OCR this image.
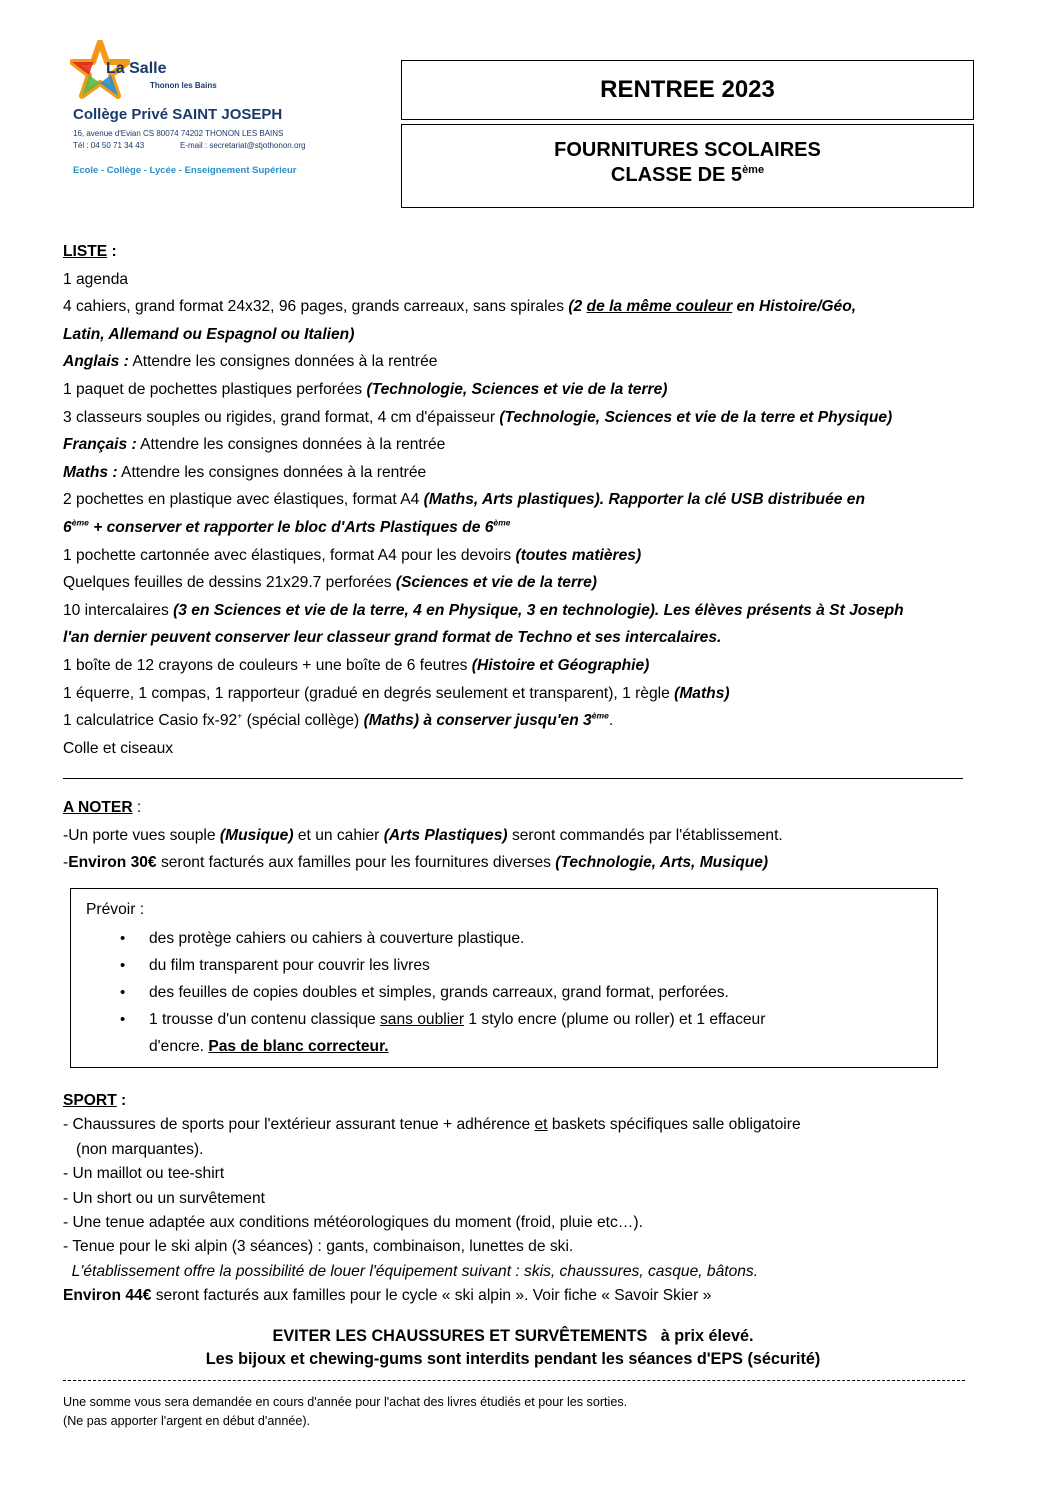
La Salle
Thonon les Bains
Collège Privé SAINT JOSEPH
16, avenue d'Evian CS 80074 74202 THONON LES BAINS
Tél : 04 50 71 34 43	E-mail : secretariat@stjothonon.org
Ecole - Collège - Lycée - Enseignement Supérieur
RENTREE 2023
FOURNITURES SCOLAIRES
CLASSE DE 5ème

LISTE :

1 agenda

4 cahiers, grand format 24x32, 96 pages, grands carreaux, sans spirales (2 de la même couleur en Histoire/Géo,

Latin, Allemand ou Espagnol ou Italien)

Anglais : Attendre les consignes données à la rentrée

1 paquet de pochettes plastiques perforées (Technologie, Sciences et vie de la terre)

3 classeurs souples ou rigides, grand format, 4 cm d'épaisseur (Technologie, Sciences et vie de la terre et Physique)

Français : Attendre les consignes données à la rentrée

Maths : Attendre les consignes données à la rentrée

2 pochettes en plastique avec élastiques, format A4 (Maths, Arts plastiques). Rapporter la clé USB distribuée en

6ème + conserver et rapporter le bloc d'Arts Plastiques de 6ème

1 pochette cartonnée avec élastiques, format A4 pour les devoirs (toutes matières)

Quelques feuilles de dessins 21x29.7 perforées (Sciences et vie de la terre)

10 intercalaires (3 en Sciences et vie de la terre, 4 en Physique, 3 en technologie). Les élèves présents à St Joseph

l'an dernier peuvent conserver leur classeur grand format de Techno et ses intercalaires.

1 boîte de 12 crayons de couleurs + une boîte de 6 feutres (Histoire et Géographie)

1 équerre, 1 compas, 1 rapporteur (gradué en degrés seulement et transparent), 1 règle (Maths)

1 calculatrice Casio fx-92+ (spécial collège) (Maths) à conserver jusqu'en 3ème.

Colle et ciseaux

A NOTER :

-Un porte vues souple (Musique) et un cahier (Arts Plastiques) seront commandés par l'établissement.

-Environ 30€ seront facturés aux familles pour les fournitures diverses (Technologie, Arts, Musique)

Prévoir :
• des protège cahiers ou cahiers à couverture plastique.
• du film transparent pour couvrir les livres
• des feuilles de copies doubles et simples, grands carreaux, grand format, perforées.
• 1 trousse d'un contenu classique sans oublier 1 stylo encre (plume ou roller) et 1 effaceur
d'encre. Pas de blanc correcteur.

SPORT :

- Chaussures de sports pour l'extérieur assurant tenue + adhérence et baskets spécifiques salle obligatoire

(non marquantes).

- Un maillot ou tee-shirt

- Un short ou un survêtement

- Une tenue adaptée aux conditions météorologiques du moment (froid, pluie etc…).

- Tenue pour le ski alpin (3 séances) : gants, combinaison, lunettes de ski.

L'établissement offre la possibilité de louer l'équipement suivant : skis, chaussures, casque, bâtons.

Environ 44€ seront facturés aux familles pour le cycle « ski alpin ». Voir fiche « Savoir Skier »

EVITER LES CHAUSSURES ET SURVÊTEMENTS   à prix élevé.
Les bijoux et chewing-gums sont interdits pendant les séances d'EPS (sécurité)

Une somme vous sera demandée en cours d'année pour l'achat des livres étudiés et pour les sorties.

(Ne pas apporter l'argent en début d'année).
